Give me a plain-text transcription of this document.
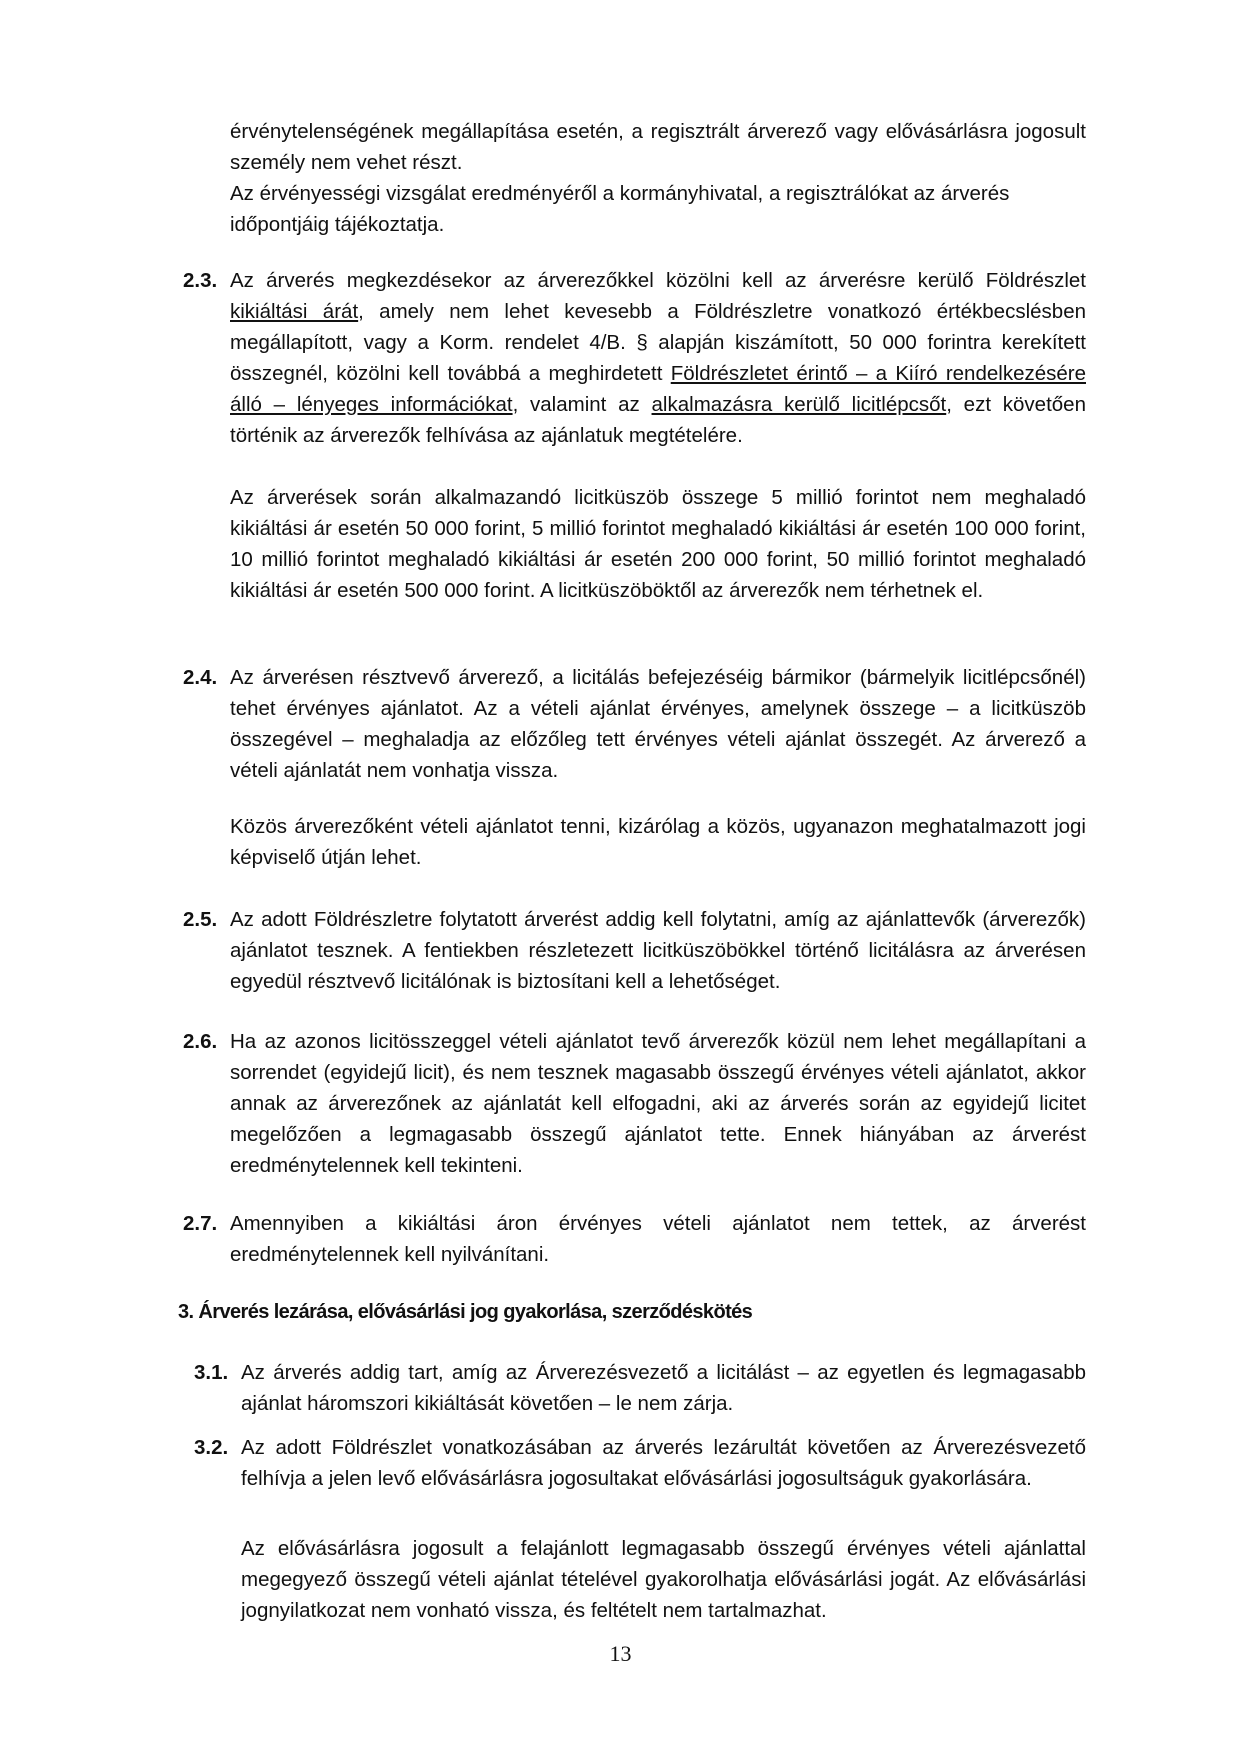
érvénytelenségének megállapítása esetén, a regisztrált árverező vagy elővásárlásra jogosult személy nem vehet részt.

Az érvényességi vizsgálat eredményéről a kormányhivatal, a regisztrálókat az árverés időpontjáig tájékoztatja.

2.3. Az árverés megkezdésekor az árverezőkkel közölni kell az árverésre kerülő Földrészlet kikiáltási árát, amely nem lehet kevesebb a Földrészletre vonatkozó értékbecslésben megállapított, vagy a Korm. rendelet 4/B. § alapján kiszámított, 50 000 forintra kerekített összegnél, közölni kell továbbá a meghirdetett Földrészletet érintő – a Kiíró rendelkezésére álló – lényeges információkat, valamint az alkalmazásra kerülő licitlépcsőt, ezt követően történik az árverezők felhívása az ajánlatuk megtételére.

Az árverések során alkalmazandó licitküszöb összege 5 millió forintot nem meghaladó kikiáltási ár esetén 50 000 forint, 5 millió forintot meghaladó kikiáltási ár esetén 100 000 forint, 10 millió forintot meghaladó kikiáltási ár esetén 200 000 forint, 50 millió forintot meghaladó kikiáltási ár esetén 500 000 forint. A licitküszöböktől az árverezők nem térhetnek el.

2.4. Az árverésen résztvevő árverező, a licitálás befejezéséig bármikor (bármelyik licitlépcsőnél) tehet érvényes ajánlatot. Az a vételi ajánlat érvényes, amelynek összege – a licitküszöb összegével – meghaladja az előzőleg tett érvényes vételi ajánlat összegét. Az árverező a vételi ajánlatát nem vonhatja vissza.

Közös árverezőként vételi ajánlatot tenni, kizárólag a közös, ugyanazon meghatalmazott jogi képviselő útján lehet.

2.5. Az adott Földrészletre folytatott árverést addig kell folytatni, amíg az ajánlattevők (árverezők) ajánlatot tesznek. A fentiekben részletezett licitküszöbökkel történő licitálásra az árverésen egyedül résztvevő licitálónak is biztosítani kell a lehetőséget.

2.6. Ha az azonos licitösszeggel vételi ajánlatot tevő árverezők közül nem lehet megállapítani a sorrendet (egyidejű licit), és nem tesznek magasabb összegű érvényes vételi ajánlatot, akkor annak az árverezőnek az ajánlatát kell elfogadni, aki az árverés során az egyidejű licitet megelőzően a legmagasabb összegű ajánlatot tette. Ennek hiányában az árverést eredménytelennek kell tekinteni.

2.7. Amennyiben a kikiáltási áron érvényes vételi ajánlatot nem tettek, az árverést eredménytelennek kell nyilvánítani.

3. Árverés lezárása, elővásárlási jog gyakorlása, szerződéskötés
3.1. Az árverés addig tart, amíg az Árverezésvezető a licitálást – az egyetlen és legmagasabb ajánlat háromszori kikiáltását követően – le nem zárja.

3.2. Az adott Földrészlet vonatkozásában az árverés lezárultát követően az Árverezésvezető felhívja a jelen levő elővásárlásra jogosultakat elővásárlási jogosultságuk gyakorlására.

Az elővásárlásra jogosult a felajánlott legmagasabb összegű érvényes vételi ajánlattal megegyező összegű vételi ajánlat tételével gyakorolhatja elővásárlási jogát. Az elővásárlási jognyilatkozat nem vonható vissza, és feltételt nem tartalmazhat.

13
